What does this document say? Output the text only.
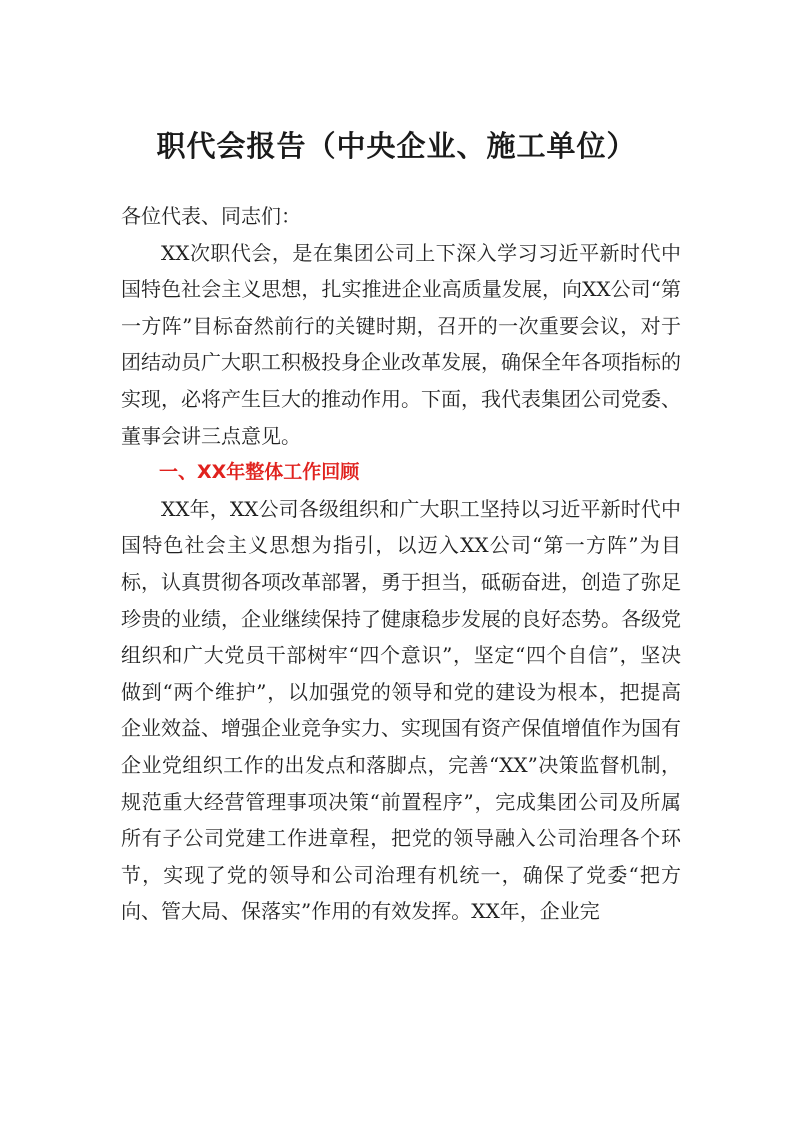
职代会报告（中央企业、施工单位）

各位代表、同志们：

XX次职代会，是在集团公司上下深入学习习近平新时代中国特色社会主义思想，扎实推进企业高质量发展，向XX公司“第一方阵”目标奋然前行的关键时期，召开的一次重要会议，对于团结动员广大职工积极投身企业改革发展，确保全年各项指标的实现，必将产生巨大的推动作用。下面，我代表集团公司党委、董事会讲三点意见。

一、XX年整体工作回顾

XX年，XX公司各级组织和广大职工坚持以习近平新时代中国特色社会主义思想为指引，以迈入XX公司“第一方阵”为目标，认真贯彻各项改革部署，勇于担当，砥砺奋进，创造了弥足珍贵的业绩，企业继续保持了健康稳步发展的良好态势。各级党组织和广大党员干部树牢“四个意识”，坚定“四个自信”，坚决做到“两个维护”，以加强党的领导和党的建设为根本，把提高企业效益、增强企业竞争实力、实现国有资产保值增值作为国有企业党组织工作的出发点和落脚点，完善“XX”决策监督机制，规范重大经营管理事项决策“前置程序”，完成集团公司及所属所有子公司党建工作进章程，把党的领导融入公司治理各个环节，实现了党的领导和公司治理有机统一，确保了党委“把方向、管大局、保落实”作用的有效发挥。XX年，企业完
